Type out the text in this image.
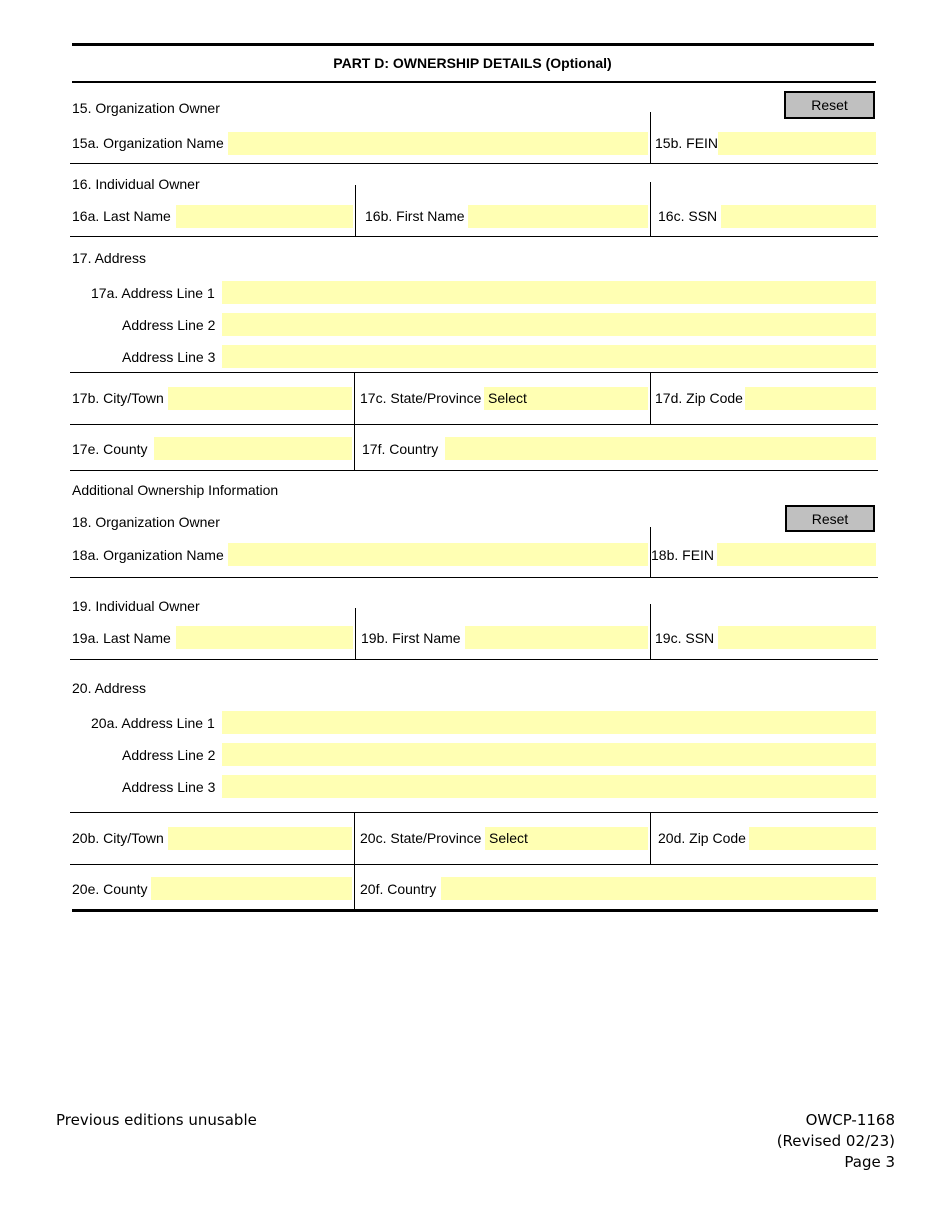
PART D: OWNERSHIP DETAILS (Optional)
15. Organization Owner	Reset
15a. Organization Name	15b. FEIN
16. Individual Owner
16a. Last Name	16b. First Name	16c. SSN
17. Address
17a. Address Line 1
Address Line 2
Address Line 3
17b. City/Town	17c. State/Province Select	17d. Zip Code
17e. County	17f. Country
Additional Ownership Information
18. Organization Owner	Reset
18a. Organization Name	18b. FEIN
19. Individual Owner
19a. Last Name	19b. First Name	19c. SSN
20. Address
20a. Address Line 1
Address Line 2
Address Line 3
20b. City/Town	20c. State/Province Select	20d. Zip Code
20e. County	20f. Country
Previous editions unusable	OWCP-1168
(Revised 02/23)
Page 3
